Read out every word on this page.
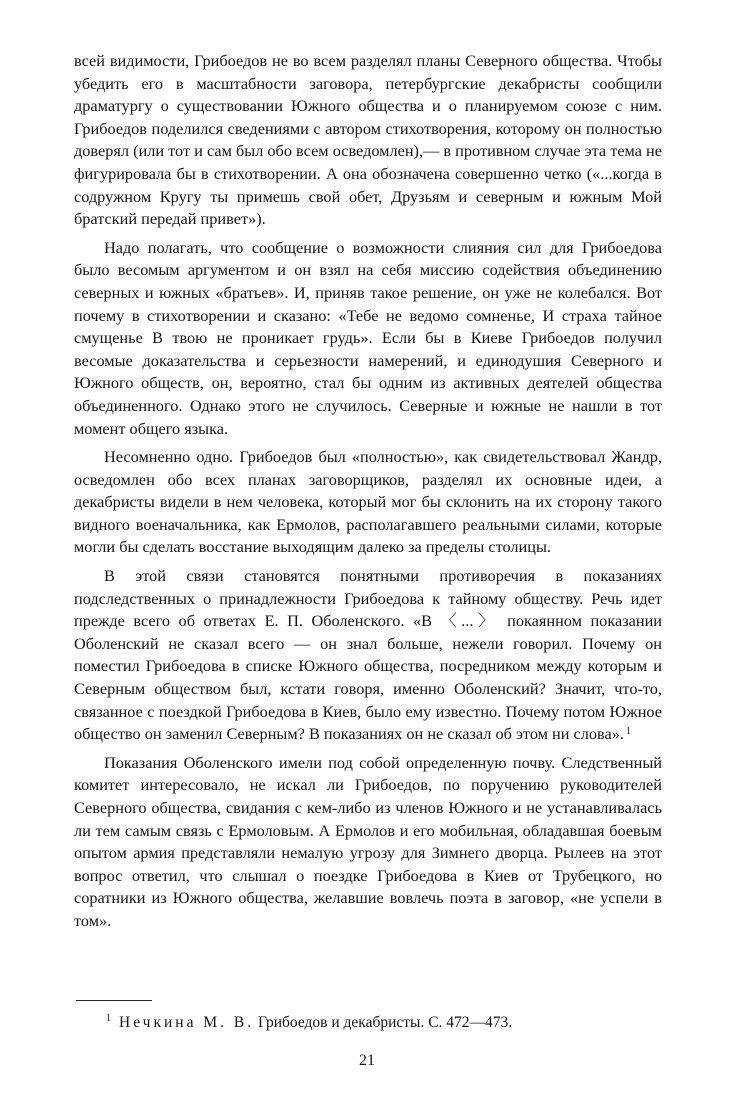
всей видимости, Грибоедов не во всем разделял планы Северного общества. Чтобы убедить его в масштабности заговора, петербургские декабристы сообщили драматургу о существовании Южного общества и о планируемом союзе с ним. Грибоедов поделился сведениями с автором стихотворения, которому он полностью доверял (или тот и сам был обо всем осведомлен),— в противном случае эта тема не фигурировала бы в стихотворении. А она обозначена совершенно четко («...когда в содружном Кругу ты примешь свой обет, Друзьям и северным и южным Мой братский передай привет»).

Надо полагать, что сообщение о возможности слияния сил для Грибоедова было весомым аргументом и он взял на себя миссию содействия объединению северных и южных «братьев». И, приняв такое решение, он уже не колебался. Вот почему в стихотворении и сказано: «Тебе не ведомо сомненье, И страха тайное смущенье В твою не проникает грудь». Если бы в Киеве Грибоедов получил весомые доказательства и серьезности намерений, и единодушия Северного и Южного обществ, он, вероятно, стал бы одним из активных деятелей общества объединенного. Однако этого не случилось. Северные и южные не нашли в тот момент общего языка.

Несомненно одно. Грибоедов был «полностью», как свидетельствовал Жандр, осведомлен обо всех планах заговорщиков, разделял их основные идеи, а декабристы видели в нем человека, который мог бы склонить на их сторону такого видного военачальника, как Ермолов, располагавшего реальными силами, которые могли бы сделать восстание выходящим далеко за пределы столицы.

В этой связи становятся понятными противоречия в показаниях подследственных о принадлежности Грибоедова к тайному обществу. Речь идет прежде всего об ответах Е. П. Оболенского. «В 〈...〉 покаянном показании Оболенский не сказал всего — он знал больше, нежели говорил. Почему он поместил Грибоедова в списке Южного общества, посредником между которым и Северным обществом был, кстати говоря, именно Оболенский? Значит, что-то, связанное с поездкой Грибоедова в Киев, было ему известно. Почему потом Южное общество он заменил Северным? В показаниях он не сказал об этом ни слова». $^1$

Показания Оболенского имели под собой определенную почву. Следственный комитет интересовало, не искал ли Грибоедов, по поручению руководителей Северного общества, свидания с кем-либо из членов Южного и не устанавливалась ли тем самым связь с Ермоловым. А Ермолов и его мобильная, обладавшая боевым опытом армия представляли немалую угрозу для Зимнего дворца. Рылеев на этот вопрос ответил, что слышал о поездке Грибоедова в Киев от Трубецкого, но соратники из Южного общества, желавшие вовлечь поэта в заговор, «не успели в том».

$^1$ Нечкина М. В. Грибоедов и декабристы. С. 472—473.
21
